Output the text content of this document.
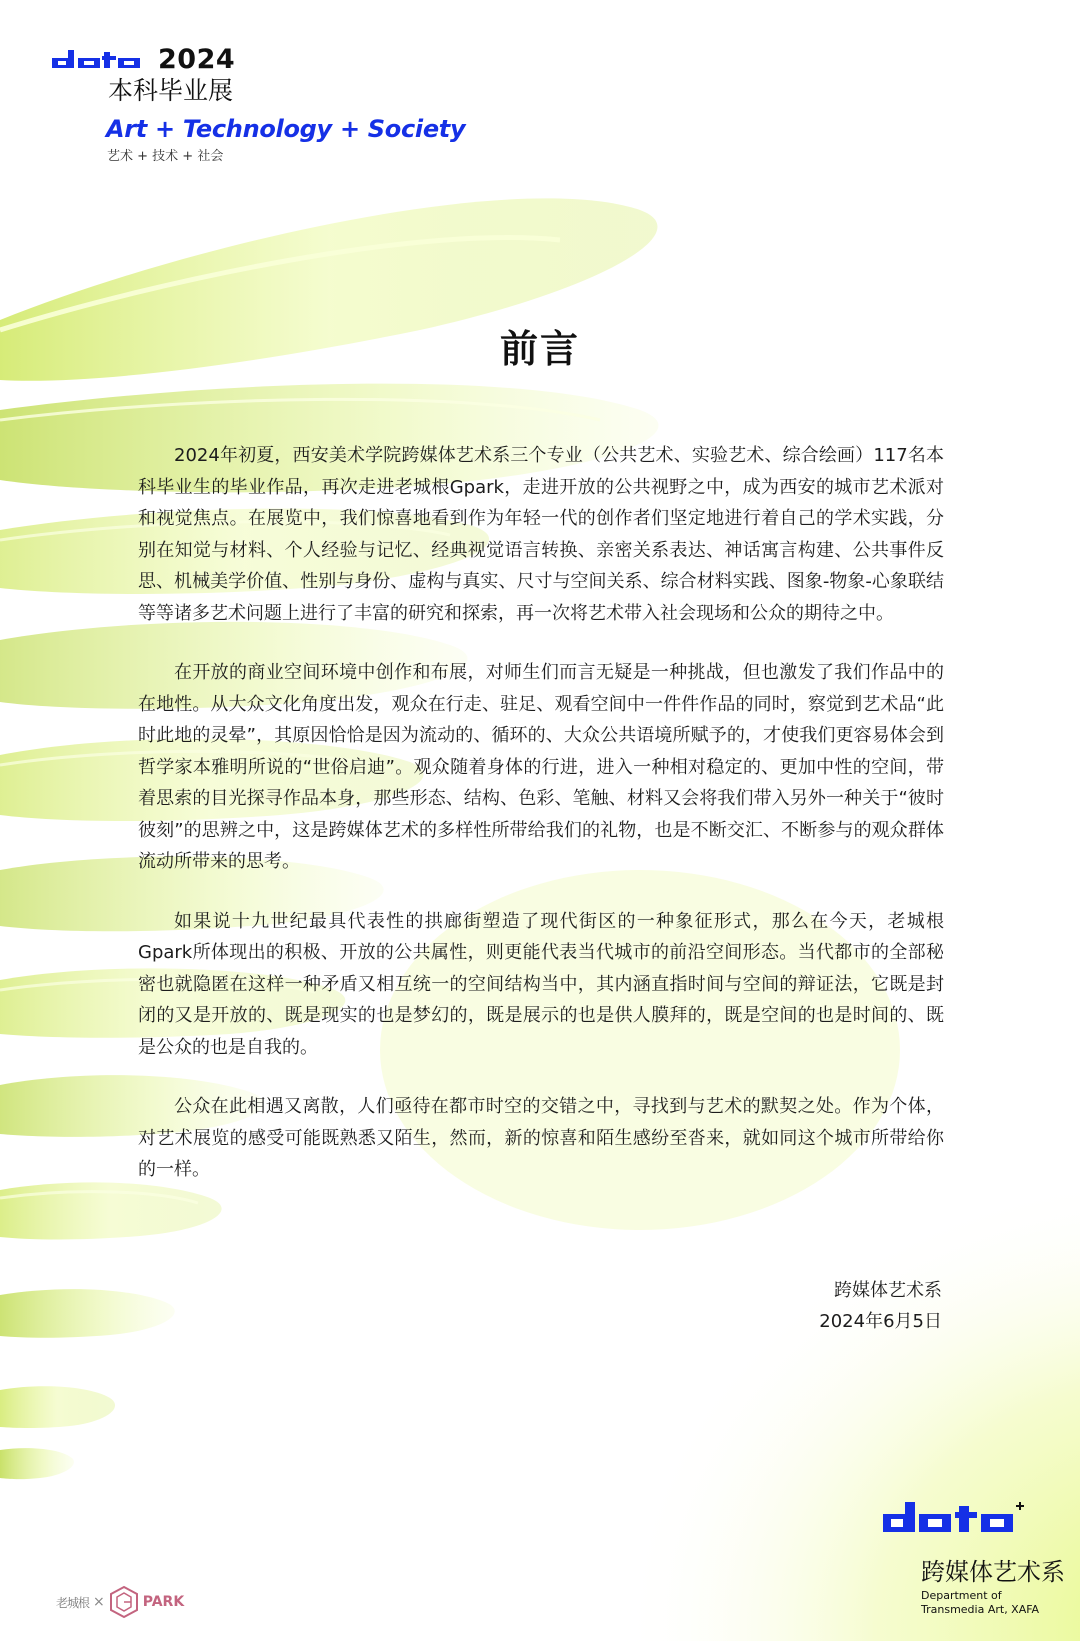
2024
本科毕业展
Art + Technology + Society
艺术 + 技术 + 社会
前言

2024年初夏，西安美术学院跨媒体艺术系三个专业（公共艺术、实验艺术、综合绘画）117名本科毕业生的毕业作品，再次走进老城根Gpark，走进开放的公共视野之中，成为西安的城市艺术派对和视觉焦点。在展览中，我们惊喜地看到作为年轻一代的创作者们坚定地进行着自己的学术实践，分别在知觉与材料、个人经验与记忆、经典视觉语言转换、亲密关系表达、神话寓言构建、公共事件反思、机械美学价值、性别与身份、虚构与真实、尺寸与空间关系、综合材料实践、图象-物象-心象联结等等诸多艺术问题上进行了丰富的研究和探索，再一次将艺术带入社会现场和公众的期待之中。

在开放的商业空间环境中创作和布展，对师生们而言无疑是一种挑战，但也激发了我们作品中的在地性。从大众文化角度出发，观众在行走、驻足、观看空间中一件件作品的同时，察觉到艺术品“此时此地的灵晕”，其原因恰恰是因为流动的、循环的、大众公共语境所赋予的，才使我们更容易体会到哲学家本雅明所说的“世俗启迪”。观众随着身体的行进，进入一种相对稳定的、更加中性的空间，带着思索的目光探寻作品本身，那些形态、结构、色彩、笔触、材料又会将我们带入另外一种关于“彼时彼刻”的思辨之中，这是跨媒体艺术的多样性所带给我们的礼物，也是不断交汇、不断参与的观众群体流动所带来的思考。

如果说十九世纪最具代表性的拱廊街塑造了现代街区的一种象征形式，那么在今天，老城根Gpark所体现出的积极、开放的公共属性，则更能代表当代城市的前沿空间形态。当代都市的全部秘密也就隐匿在这样一种矛盾又相互统一的空间结构当中，其内涵直指时间与空间的辩证法，它既是封闭的又是开放的、既是现实的也是梦幻的，既是展示的也是供人膜拜的，既是空间的也是时间的、既是公众的也是自我的。

公众在此相遇又离散，人们亟待在都市时空的交错之中，寻找到与艺术的默契之处。作为个体，对艺术展览的感受可能既熟悉又陌生，然而，新的惊喜和陌生感纷至沓来，就如同这个城市所带给你的一样。

跨媒体艺术系
2024年6月5日
跨媒体艺术系
Department of
Transmedia Art, XAFA
老城根 ×	PARK
